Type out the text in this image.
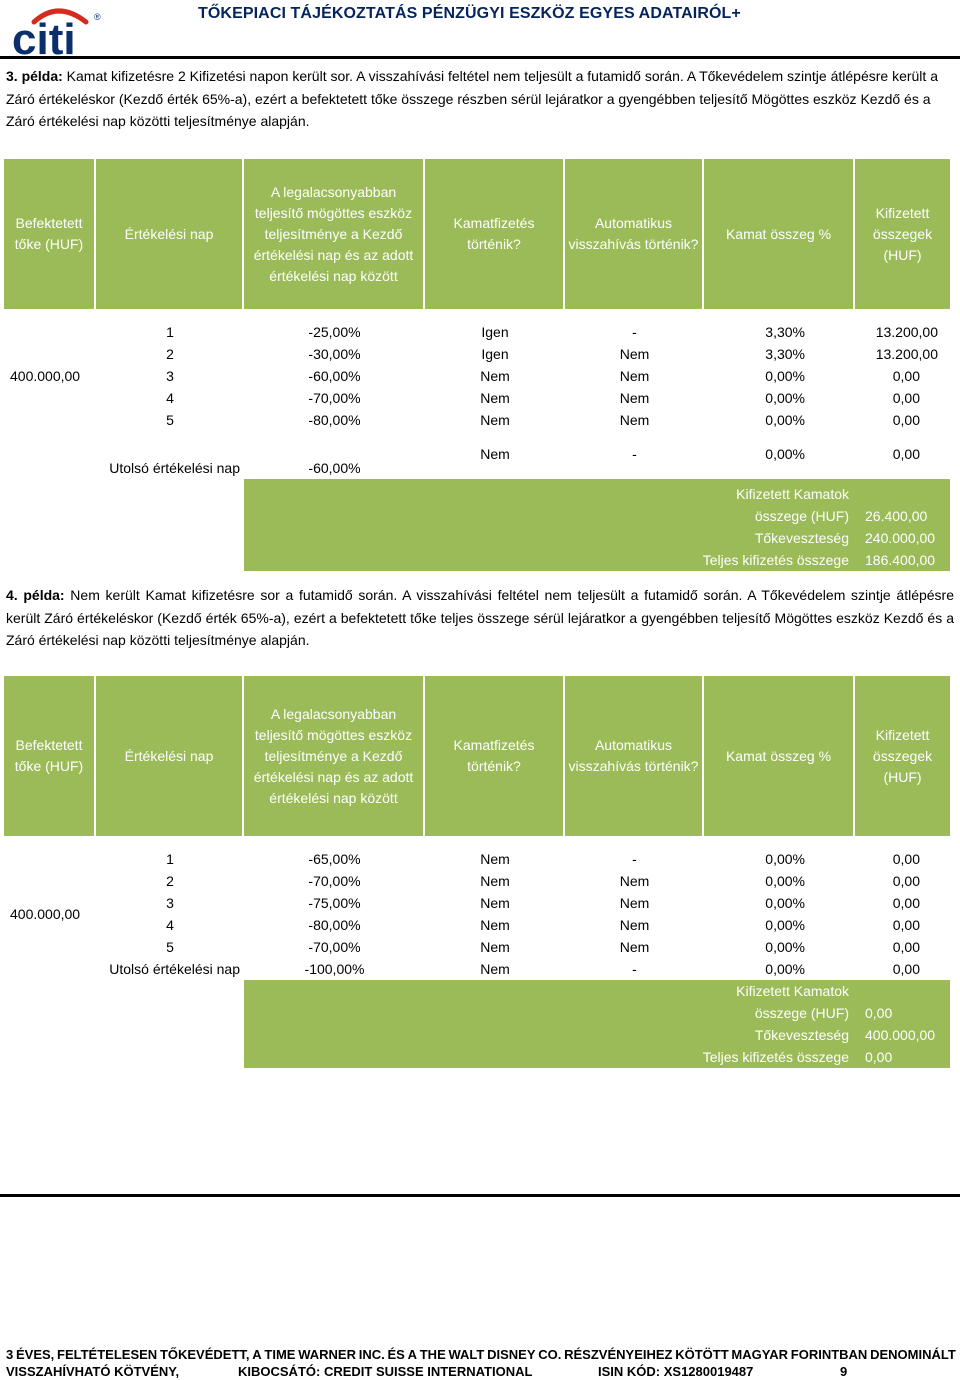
citi ®	TŐKEPIACI TÁJÉKOZTATÁS PÉNZÜGYI ESZKÖZ EGYES ADATAIRÓL+
3. példa: Kamat kifizetésre 2 Kifizetési napon került sor. A visszahívási feltétel nem teljesült a futamidő során. A Tőkevédelem szintje átlépésre került a Záró értékeléskor (Kezdő érték 65%-a), ezért a befektetett tőke összege részben sérül lejáratkor a gyengébben teljesítő Mögöttes eszköz Kezdő és a Záró értékelési nap közötti teljesítménye alapján.
Befektetett tőke (HUF)	Értékelési nap	A legalacsonyabban teljesítő mögöttes eszköz teljesítménye a Kezdő értékelési nap és az adott értékelési nap között	Kamatfizetés történik?	Automatikus visszahívás történik?	Kamat összeg %	Kifizetett összegek (HUF)

400.000,00	1	-25,00%	Igen	-	3,30%	13.200,00
	2	-30,00%	Igen	Nem	3,30%	13.200,00
	3	-60,00%	Nem	Nem	0,00%	0,00
	4	-70,00%	Nem	Nem	0,00%	0,00
	5	-80,00%	Nem	Nem	0,00%	0,00

	Utolsó értékelési nap	-60,00%	Nem	-	0,00%	0,00
		Kifizetett Kamatok				
		összege (HUF)				26.400,00
		Tőkeveszteség				240.000,00
		Teljes kifizetés összege				186.400,00
4. példa: Nem került Kamat kifizetésre sor a futamidő során. A visszahívási feltétel nem teljesült a futamidő során. A Tőkevédelem szintje átlépésre került Záró értékeléskor (Kezdő érték 65%-a), ezért a befektetett tőke teljes összege sérül lejáratkor a gyengébben teljesítő Mögöttes eszköz Kezdő és a Záró értékelési nap közötti teljesítménye alapján.
Befektetett tőke (HUF)	Értékelési nap	A legalacsonyabban teljesítő mögöttes eszköz teljesítménye a Kezdő értékelési nap és az adott értékelési nap között	Kamatfizetés történik?	Automatikus visszahívás történik?	Kamat összeg %	Kifizetett összegek (HUF)

400.000,00	1	-65,00%	Nem	-	0,00%	0,00
	2	-70,00%	Nem	Nem	0,00%	0,00
	3	-75,00%	Nem	Nem	0,00%	0,00
	4	-80,00%	Nem	Nem	0,00%	0,00
	5	-70,00%	Nem	Nem	0,00%	0,00
	Utolsó értékelési nap	-100,00%	Nem	-	0,00%	0,00
		Kifizetett Kamatok				
		összege (HUF)				0,00
		Tőkeveszteség				400.000,00
		Teljes kifizetés összege				0,00
3 ÉVES, FELTÉTELESEN TŐKEVÉDETT, A TIME WARNER INC. ÉS A THE WALT DISNEY CO. RÉSZVÉNYEIHEZ KÖTÖTT MAGYAR FORINTBAN DENOMINÁLT
VISSZAHÍVHATÓ KÖTVÉNY,	KIBOCSÁTÓ: CREDIT SUISSE INTERNATIONAL	ISIN KÓD: XS1280019487	9
